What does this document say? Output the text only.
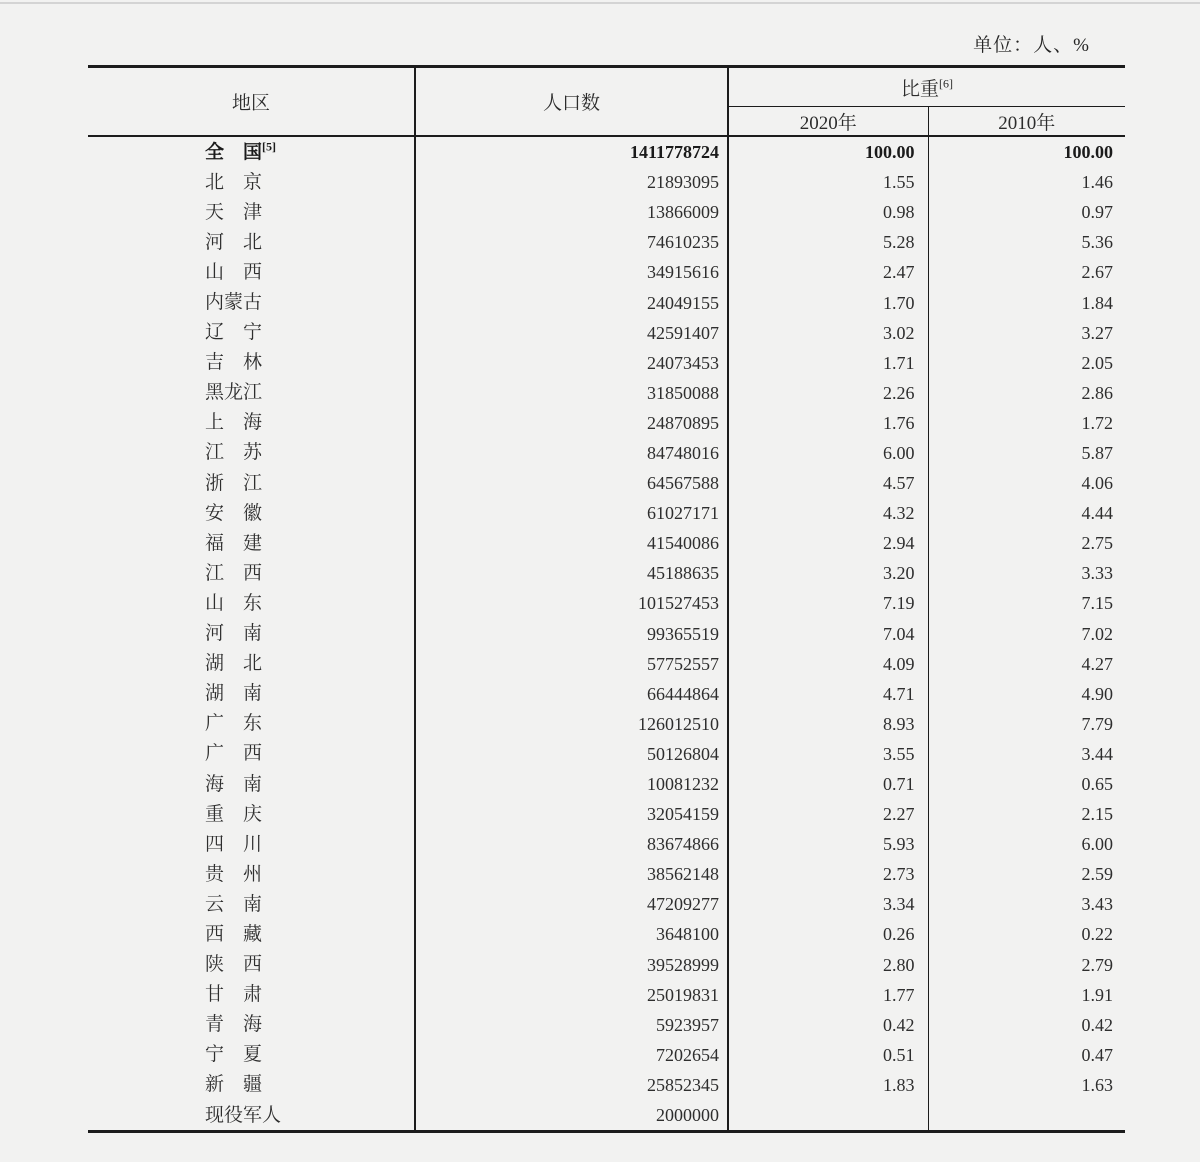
单位：人、%
地区	人口数	比重[6]
		2020年	2010年
全　国[5]	1411778724	100.00	100.00
北　京	21893095	1.55	1.46
天　津	13866009	0.98	0.97
河　北	74610235	5.28	5.36
山　西	34915616	2.47	2.67
内蒙古	24049155	1.70	1.84
辽　宁	42591407	3.02	3.27
吉　林	24073453	1.71	2.05
黑龙江	31850088	2.26	2.86
上　海	24870895	1.76	1.72
江　苏	84748016	6.00	5.87
浙　江	64567588	4.57	4.06
安　徽	61027171	4.32	4.44
福　建	41540086	2.94	2.75
江　西	45188635	3.20	3.33
山　东	101527453	7.19	7.15
河　南	99365519	7.04	7.02
湖　北	57752557	4.09	4.27
湖　南	66444864	4.71	4.90
广　东	126012510	8.93	7.79
广　西	50126804	3.55	3.44
海　南	10081232	0.71	0.65
重　庆	32054159	2.27	2.15
四　川	83674866	5.93	6.00
贵　州	38562148	2.73	2.59
云　南	47209277	3.34	3.43
西　藏	3648100	0.26	0.22
陕　西	39528999	2.80	2.79
甘　肃	25019831	1.77	1.91
青　海	5923957	0.42	0.42
宁　夏	7202654	0.51	0.47
新　疆	25852345	1.83	1.63
现役军人	2000000		
